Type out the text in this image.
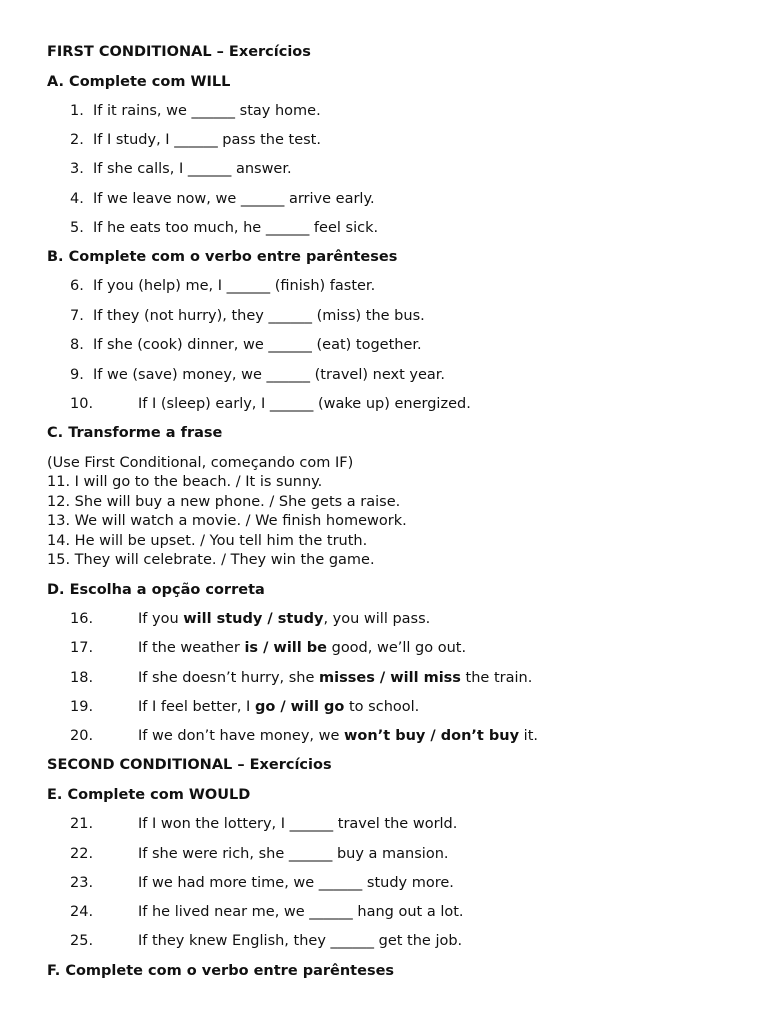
FIRST CONDITIONAL – Exercícios
A. Complete com WILL
1. If it rains, we ______ stay home.
2. If I study, I ______ pass the test.
3. If she calls, I ______ answer.
4. If we leave now, we ______ arrive early.
5. If he eats too much, he ______ feel sick.
B. Complete com o verbo entre parênteses
6. If you (help) me, I ______ (finish) faster.
7. If they (not hurry), they ______ (miss) the bus.
8. If she (cook) dinner, we ______ (eat) together.
9. If we (save) money, we ______ (travel) next year.
10.	If I (sleep) early, I ______ (wake up) energized.
C. Transforme a frase
(Use First Conditional, começando com IF)
11. I will go to the beach. / It is sunny.
12. She will buy a new phone. / She gets a raise.
13. We will watch a movie. / We finish homework.
14. He will be upset. / You tell him the truth.
15. They will celebrate. / They win the game.
D. Escolha a opção correta
16.	If you will study / study, you will pass.
17.	If the weather is / will be good, we’ll go out.
18.	If she doesn’t hurry, she misses / will miss the train.
19.	If I feel better, I go / will go to school.
20.	If we don’t have money, we won’t buy / don’t buy it.
SECOND CONDITIONAL – Exercícios
E. Complete com WOULD
21.	If I won the lottery, I ______ travel the world.
22.	If she were rich, she ______ buy a mansion.
23.	If we had more time, we ______ study more.
24.	If he lived near me, we ______ hang out a lot.
25.	If they knew English, they ______ get the job.
F. Complete com o verbo entre parênteses
